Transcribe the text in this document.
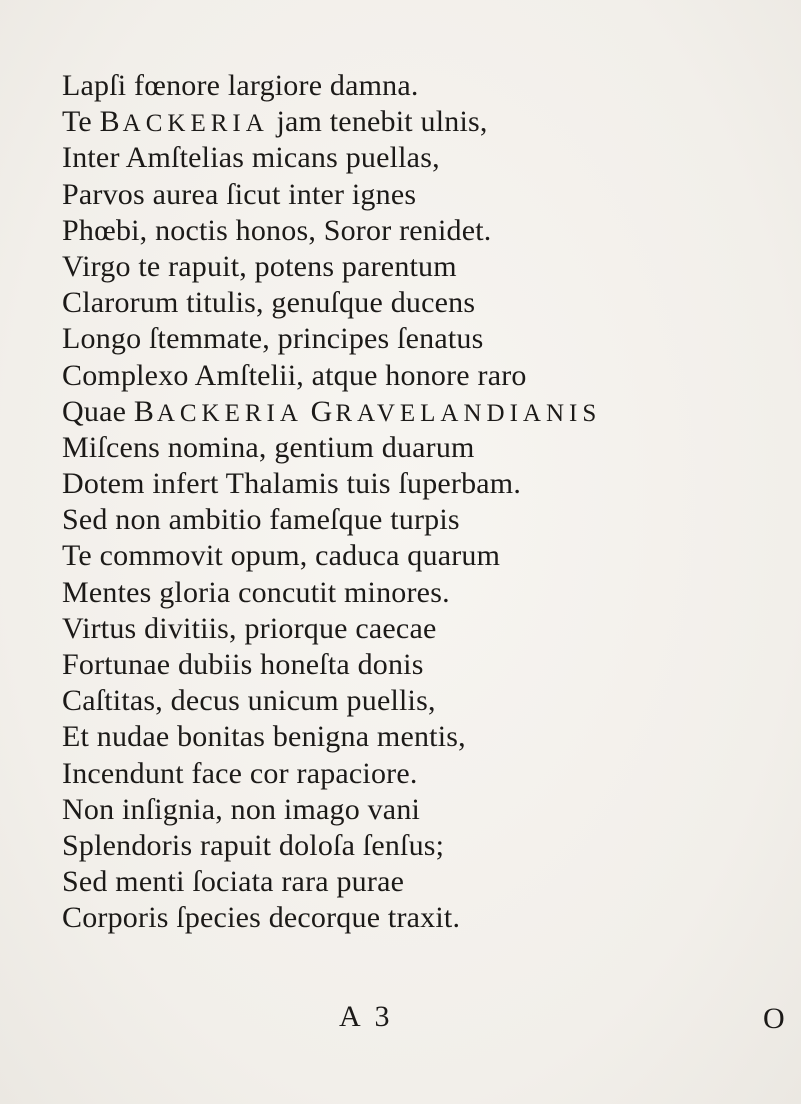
Lapſi fœnore largiore damna.
Te BACKERIA jam tenebit ulnis,
Inter Amſtelias micans puellas,
Parvos aurea ſicut inter ignes
Phœbi, noctis honos, Soror renidet.
Virgo te rapuit, potens parentum
Clarorum titulis, genuſque ducens
Longo ſtemmate, principes ſenatus
Complexo Amſtelii, atque honore raro
Quae BACKERIA GRAVELANDIANIS
Miſcens nomina, gentium duarum
Dotem infert Thalamis tuis ſuperbam.
Sed non ambitio fameſque turpis
Te commovit opum, caduca quarum
Mentes gloria concutit minores.
Virtus divitiis, priorque caecae
Fortunae dubiis honeſta donis
Caſtitas, decus unicum puellis,
Et nudae bonitas benigna mentis,
Incendunt face cor rapaciore.
Non inſignia, non imago vani
Splendoris rapuit doloſa ſenſus;
Sed menti ſociata rara purae
Corporis ſpecies decorque traxit.
A 3	O
